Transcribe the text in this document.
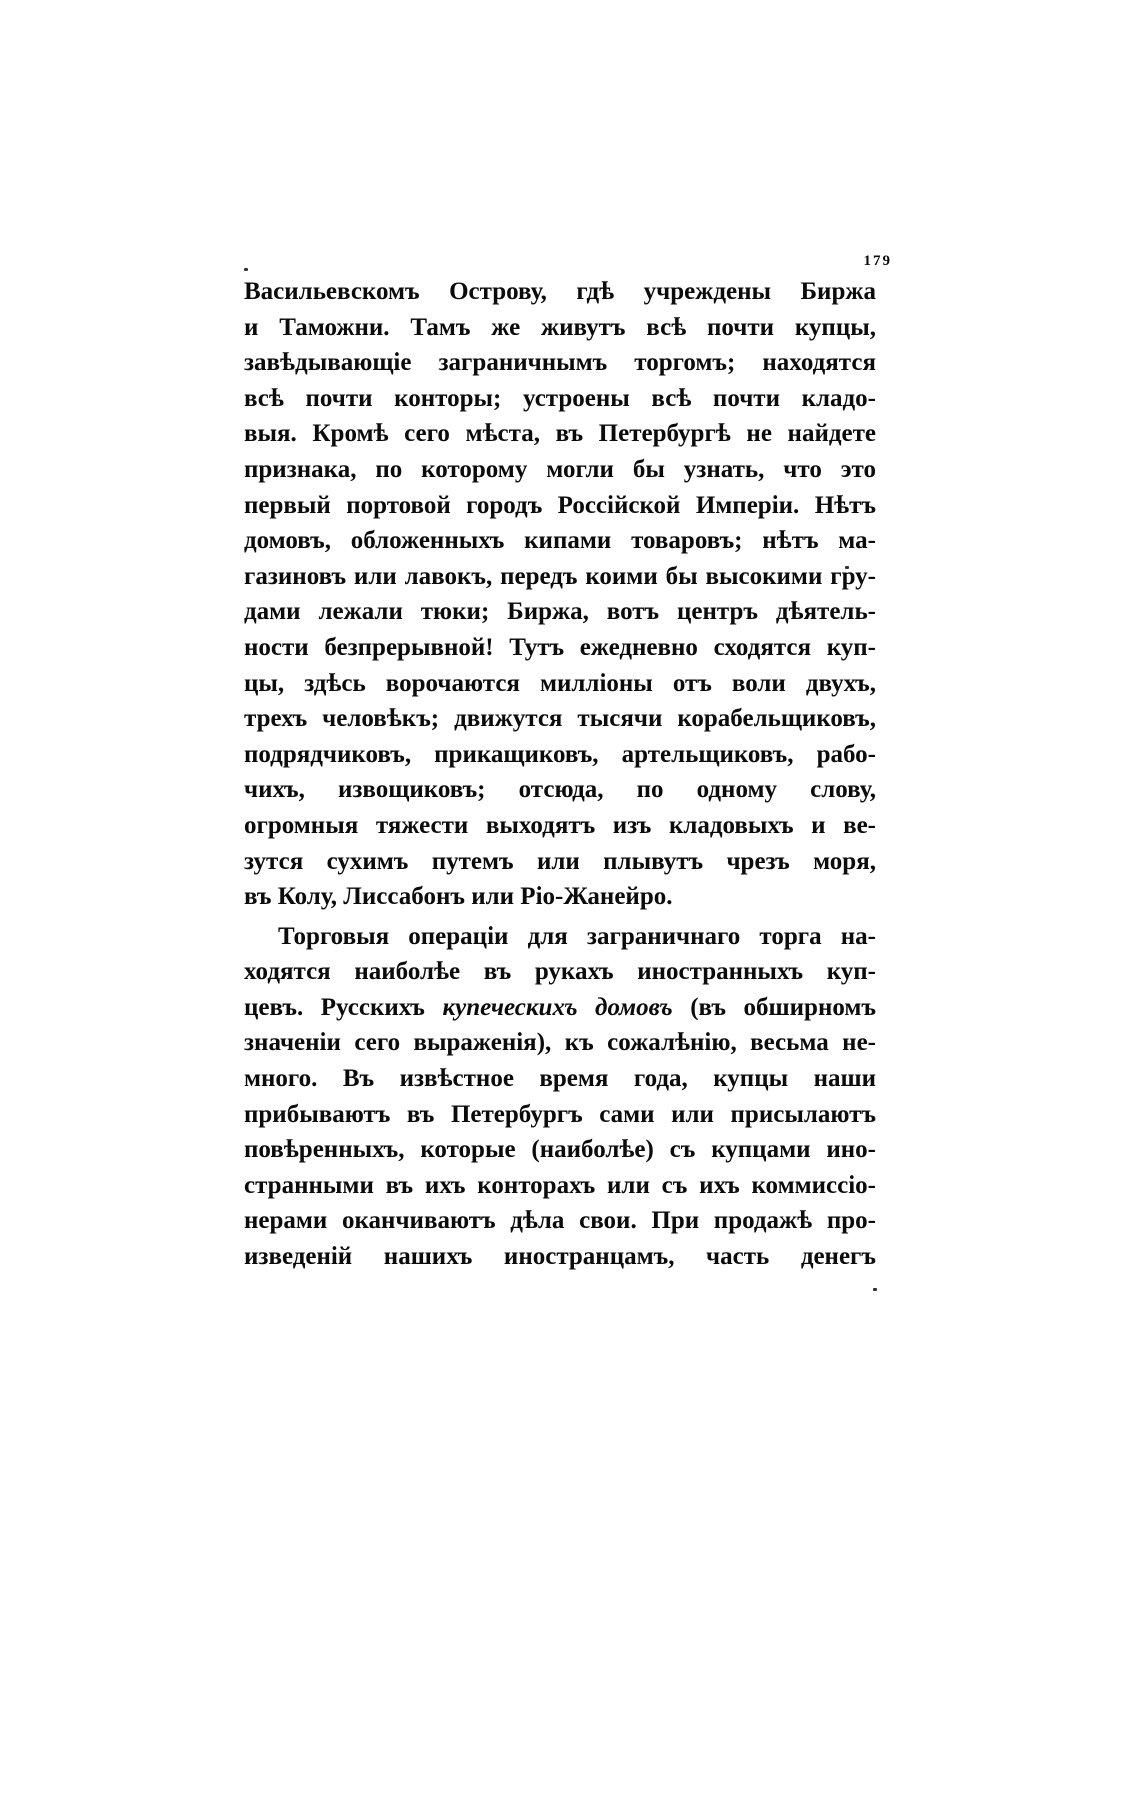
179
Васильевскомъ Острову, гдѣ учреждены Биржа
и Таможни. Тамъ же живутъ всѣ почти купцы,
завѣдывающіе заграничнымъ торгомъ; находятся
всѣ почти конторы; устроены всѣ почти кладо-
выя. Кромѣ сего мѣста, въ Петербургѣ не найдете
признака, по которому могли бы узнать, что это
первый портовой городъ Россійской Имперіи. Нѣтъ
домовъ, обложенныхъ кипами товаровъ; нѣтъ ма-
газиновъ или лавокъ, передъ коими бы высокими гру-
дами лежали тюки; Биржа, вотъ центръ дѣятель-
ности безпрерывной! Тутъ ежедневно сходятся куп-
цы, здѣсь ворочаются милліоны отъ воли двухъ,
трехъ человѣкъ; движутся тысячи корабельщиковъ,
подрядчиковъ, прикащиковъ, артельщиковъ, рабо-
чихъ, извощиковъ; отсюда, по одному слову,
огромныя тяжести выходятъ изъ кладовыхъ и ве-
зутся сухимъ путемъ или плывутъ чрезъ моря,
въ Колу, Лиссабонъ или Ріо-Жанейро.
Торговыя операціи для заграничнаго торга на-
ходятся наиболѣе въ рукахъ иностранныхъ куп-
цевъ. Русскихъ купеческихъ домовъ (въ обширномъ
значеніи сего выраженія), къ сожалѣнію, весьма не-
много. Въ извѣстное время года, купцы наши
прибываютъ въ Петербургъ сами или присылаютъ
повѣренныхъ, которые (наиболѣе) съ купцами ино-
странными въ ихъ конторахъ или съ ихъ коммиссіо-
нерами оканчиваютъ дѣла свои. При продажѣ про-
изведеній нашихъ иностранцамъ, часть денегъ
